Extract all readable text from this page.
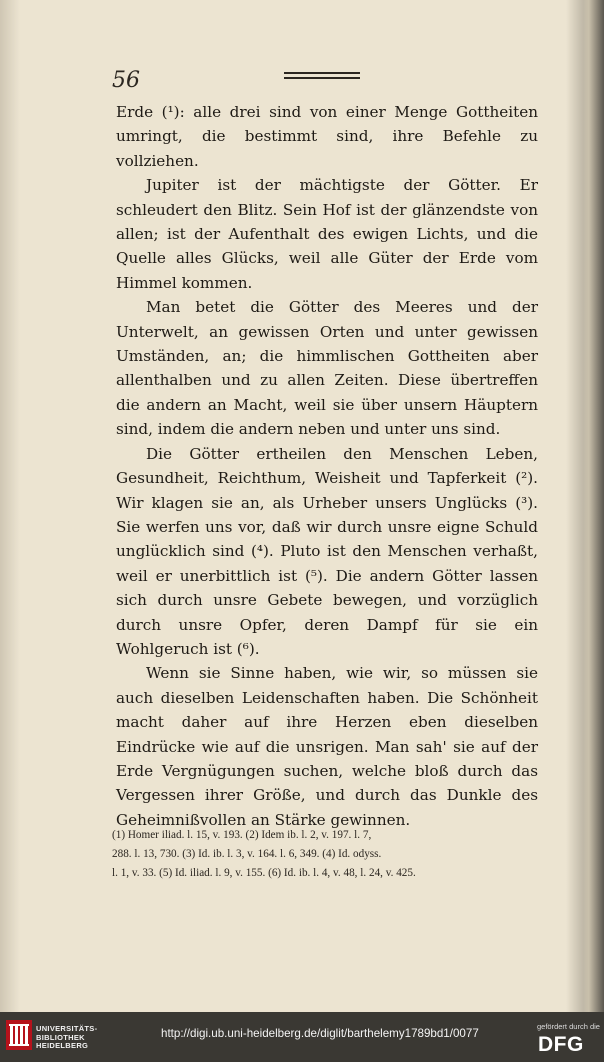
56

Erde (¹): alle drei sind von einer Menge Gottheiten umringt, die bestimmt sind, ihre Befehle zu vollziehen.

Jupiter ist der mächtigste der Götter. Er schleudert den Blitz. Sein Hof ist der glänzendste von allen; ist der Aufenthalt des ewigen Lichts, und die Quelle alles Glücks, weil alle Güter der Erde vom Himmel kommen.

Man betet die Götter des Meeres und der Unterwelt, an gewissen Orten und unter gewissen Umständen, an; die himmlischen Gottheiten aber allenthalben und zu allen Zeiten. Diese übertreffen die andern an Macht, weil sie über unsern Häuptern sind, indem die andern neben und unter uns sind.

Die Götter ertheilen den Menschen Leben, Gesundheit, Reichthum, Weisheit und Tapferkeit (²). Wir klagen sie an, als Urheber unsers Unglücks (³). Sie werfen uns vor, daß wir durch unsre eigne Schuld unglücklich sind (⁴). Pluto ist den Menschen verhaßt, weil er unerbittlich ist (⁵). Die andern Götter lassen sich durch unsre Gebete bewegen, und vorzüglich durch unsre Opfer, deren Dampf für sie ein Wohlgeruch ist (⁶).

Wenn sie Sinne haben, wie wir, so müssen sie auch dieselben Leidenschaften haben. Die Schönheit macht daher auf ihre Herzen eben dieselben Eindrücke wie auf die unsrigen. Man sah' sie auf der Erde Vergnügungen suchen, welche bloß durch das Vergessen ihrer Größe, und durch das Dunkle des Geheimnißvollen an Stärke gewinnen.

(1) Homer iliad. l. 15, v. 193. (2) Idem ib. l. 2, v. 197. l. 7,
288. l. 13, 730. (3) Id. ib. l. 3, v. 164. l. 6, 349. (4) Id. odyss.
l. 1, v. 33. (5) Id. iliad. l. 9, v. 155. (6) Id. ib. l. 4, v. 48, l. 24, v. 425.
UNIVERSITÄTS-
BIBLIOTHEK
HEIDELBERG
http://digi.ub.uni-heidelberg.de/diglit/barthelemy1789bd1/0077
gefördert durch die
DFG
